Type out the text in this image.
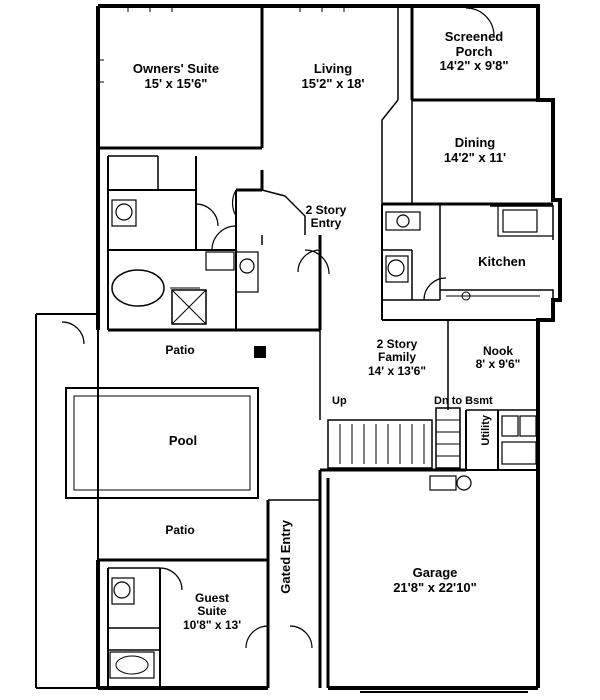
Owners' Suite
15' x 15'6"
Living
15'2" x 18'
Screened
Porch
14'2" x 9'8"
Dining
14'2" x 11'
2 Story
Entry
Kitchen
2 Story
Family
14' x 13'6"
Nook
8' x 9'6"
Patio
Pool
Patio
Guest
Suite
10'8" x 13'
Garage
21'8" x 22'10"
Up	Dn to Bsmt
Utility
Gated Entry
